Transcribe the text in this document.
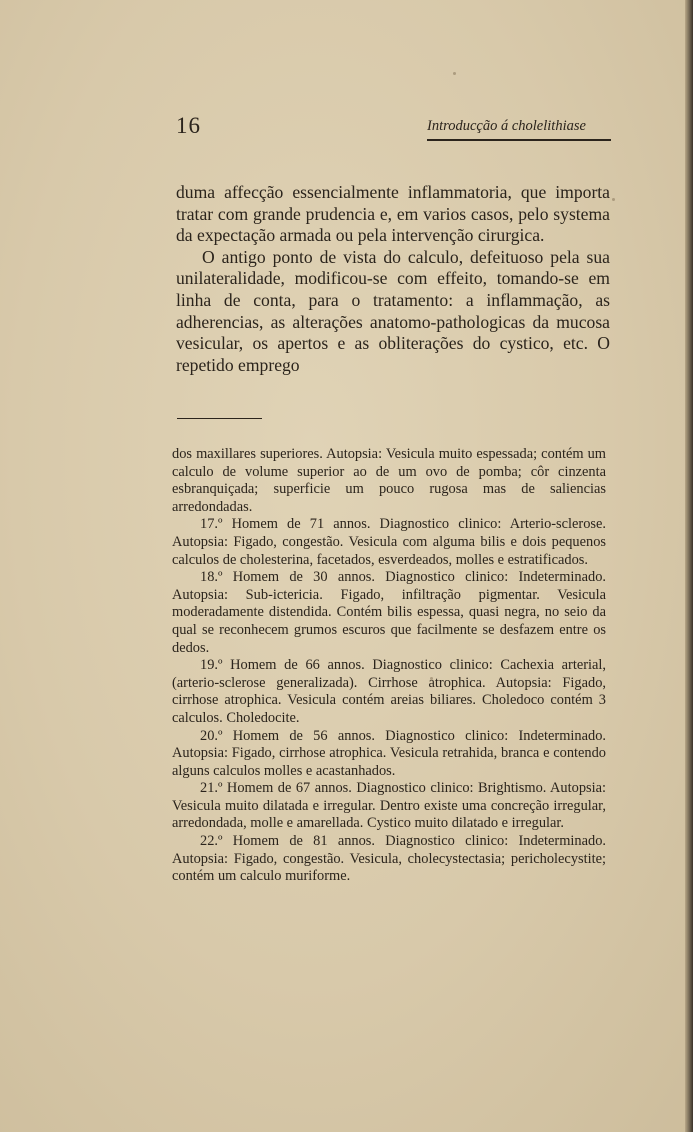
16	Introducção á cholelithiase

duma affecção essencialmente inflammatoria, que importa tratar com grande prudencia e, em varios casos, pelo systema da expectação armada ou pela intervenção cirurgica.

O antigo ponto de vista do calculo, defeituoso pela sua unilateralidade, modificou-se com effeito, tomando-se em linha de conta, para o tratamento: a inflammação, as adherencias, as alterações anatomo-pathologicas da mucosa vesicular, os apertos e as obliterações do cystico, etc. O repetido emprego

dos maxillares superiores. Autopsia: Vesicula muito espessada; contém um calculo de volume superior ao de um ovo de pomba; côr cinzenta esbranquiçada; superficie um pouco rugosa mas de saliencias arredondadas.

17.º Homem de 71 annos. Diagnostico clinico: Arterio-sclerose. Autopsia: Figado, congestão. Vesicula com alguma bilis e dois pequenos calculos de cholesterina, facetados, esverdeados, molles e estratificados.

18.º Homem de 30 annos. Diagnostico clinico: Indeterminado. Autopsia: Sub-ictericia. Figado, infiltração pigmentar. Vesicula moderadamente distendida. Contém bilis espessa, quasi negra, no seio da qual se reconhecem grumos escuros que facilmente se desfazem entre os dedos.

19.º Homem de 66 annos. Diagnostico clinico: Cachexia arterial, (arterio-sclerose generalizada). Cirrhose atrophica. Autopsia: Figado, cirrhose atrophica. Vesicula contém areias biliares. Choledoco contém 3 calculos. Choledocite.

20.º Homem de 56 annos. Diagnostico clinico: Indeterminado. Autopsia: Figado, cirrhose atrophica. Vesicula retrahida, branca e contendo alguns calculos molles e acastanhados.

21.º Homem de 67 annos. Diagnostico clinico: Brightismo. Autopsia: Vesicula muito dilatada e irregular. Dentro existe uma concreção irregular, arredondada, molle e amarellada. Cystico muito dilatado e irregular.

22.º Homem de 81 annos. Diagnostico clinico: Indeterminado. Autopsia: Figado, congestão. Vesicula, cholecystectasia; pericholecystite; contém um calculo muriforme.
